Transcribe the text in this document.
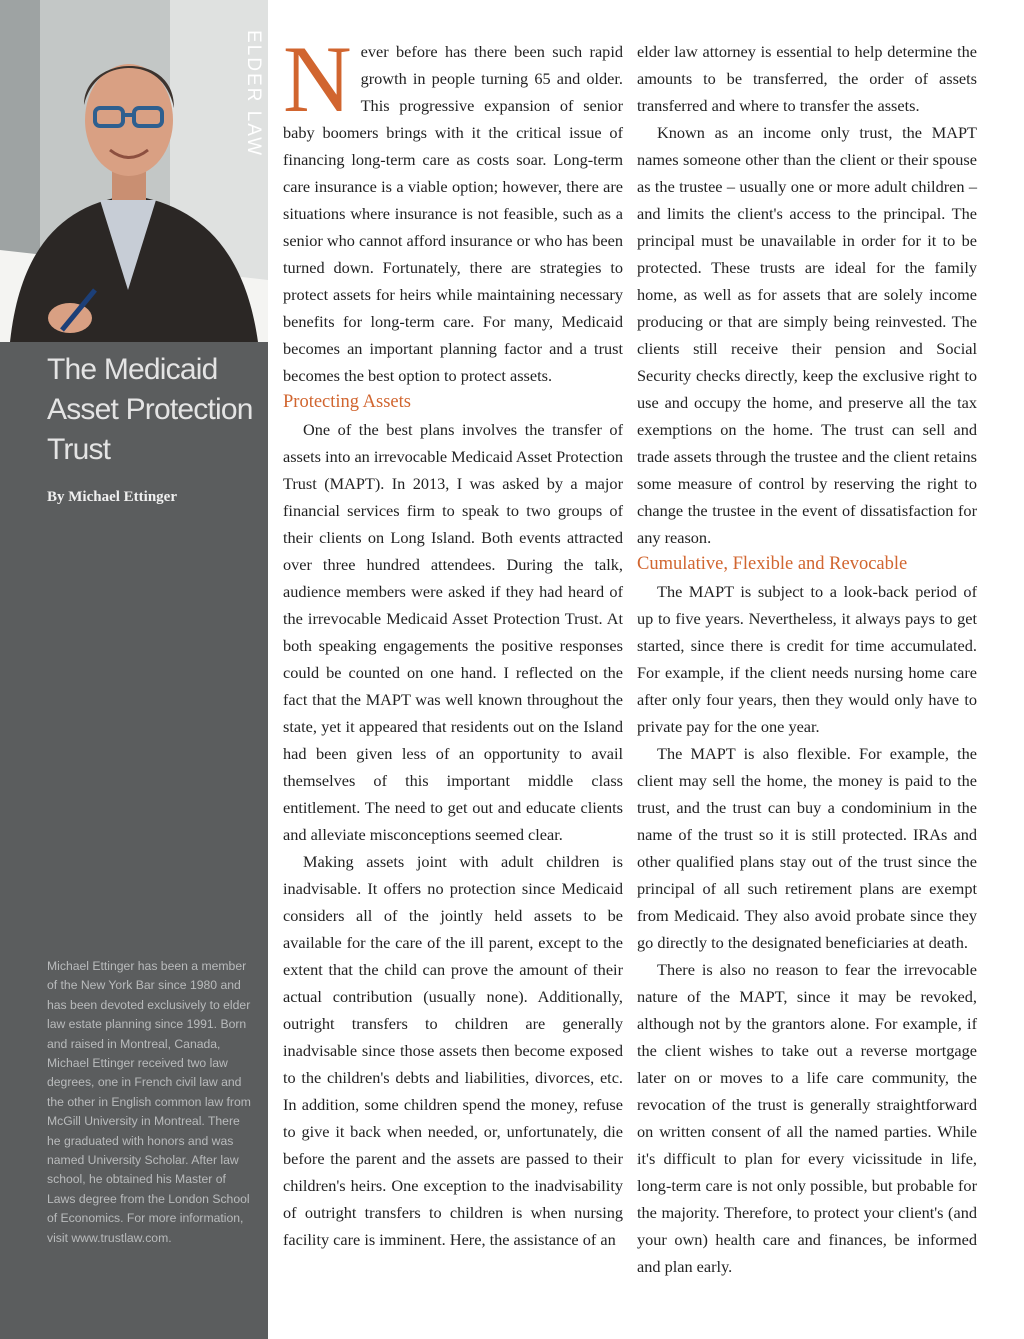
ELDER LAW
The Medicaid Asset Protection Trust
By Michael Ettinger

Michael Ettinger has been a member of the New York Bar since 1980 and has been devoted exclusively to elder law estate planning since 1991. Born and raised in Montreal, Canada, Michael Ettinger received two law degrees, one in French civil law and the other in English common law from McGill University in Montreal. There he graduated with honors and was named University Scholar. After law school, he obtained his Master of Laws degree from the London School of Economics. For more information, visit www.trustlaw.com.

Never before has there been such rapid growth in people turning 65 and older. This progressive expansion of senior baby boomers brings with it the critical issue of financing long-term care as costs soar. Long-term care insurance is a viable option; however, there are situations where insurance is not feasible, such as a senior who cannot afford insurance or who has been turned down. Fortunately, there are strategies to protect assets for heirs while maintaining necessary benefits for long-term care. For many, Medicaid becomes an important planning factor and a trust becomes the best option to protect assets.

Protecting Assets

One of the best plans involves the transfer of assets into an irrevocable Medicaid Asset Protection Trust (MAPT). In 2013, I was asked by a major financial services firm to speak to two groups of their clients on Long Island. Both events attracted over three hundred attendees. During the talk, audience members were asked if they had heard of the irrevocable Medicaid Asset Protection Trust. At both speaking engagements the positive responses could be counted on one hand. I reflected on the fact that the MAPT was well known throughout the state, yet it appeared that residents out on the Island had been given less of an opportunity to avail themselves of this important middle class entitlement. The need to get out and educate clients and alleviate misconceptions seemed clear.

Making assets joint with adult children is inadvisable. It offers no protection since Medicaid considers all of the jointly held assets to be available for the care of the ill parent, except to the extent that the child can prove the amount of their actual contribution (usually none). Additionally, outright transfers to children are generally inadvisable since those assets then become exposed to the children's debts and liabilities, divorces, etc. In addition, some children spend the money, refuse to give it back when needed, or, unfortunately, die before the parent and the assets are passed to their children's heirs. One exception to the inadvisability of outright transfers to children is when nursing facility care is imminent. Here, the assistance of an

elder law attorney is essential to help determine the amounts to be transferred, the order of assets transferred and where to transfer the assets.

Known as an income only trust, the MAPT names someone other than the client or their spouse as the trustee – usually one or more adult children – and limits the client's access to the principal. The principal must be unavailable in order for it to be protected. These trusts are ideal for the family home, as well as for assets that are solely income producing or that are simply being reinvested. The clients still receive their pension and Social Security checks directly, keep the exclusive right to use and occupy the home, and preserve all the tax exemptions on the home. The trust can sell and trade assets through the trustee and the client retains some measure of control by reserving the right to change the trustee in the event of dissatisfaction for any reason.

Cumulative, Flexible and Revocable

The MAPT is subject to a look-back period of up to five years. Nevertheless, it always pays to get started, since there is credit for time accumulated. For example, if the client needs nursing home care after only four years, then they would only have to private pay for the one year.

The MAPT is also flexible. For example, the client may sell the home, the money is paid to the trust, and the trust can buy a condominium in the name of the trust so it is still protected. IRAs and other qualified plans stay out of the trust since the principal of all such retirement plans are exempt from Medicaid. They also avoid probate since they go directly to the designated beneficiaries at death.

There is also no reason to fear the irrevocable nature of the MAPT, since it may be revoked, although not by the grantors alone. For example, if the client wishes to take out a reverse mortgage later on or moves to a life care community, the revocation of the trust is generally straightforward on written consent of all the named parties. While it's difficult to plan for every vicissitude in life, long-term care is not only possible, but probable for the majority. Therefore, to protect your client's (and your own) health care and finances, be informed and plan early.
